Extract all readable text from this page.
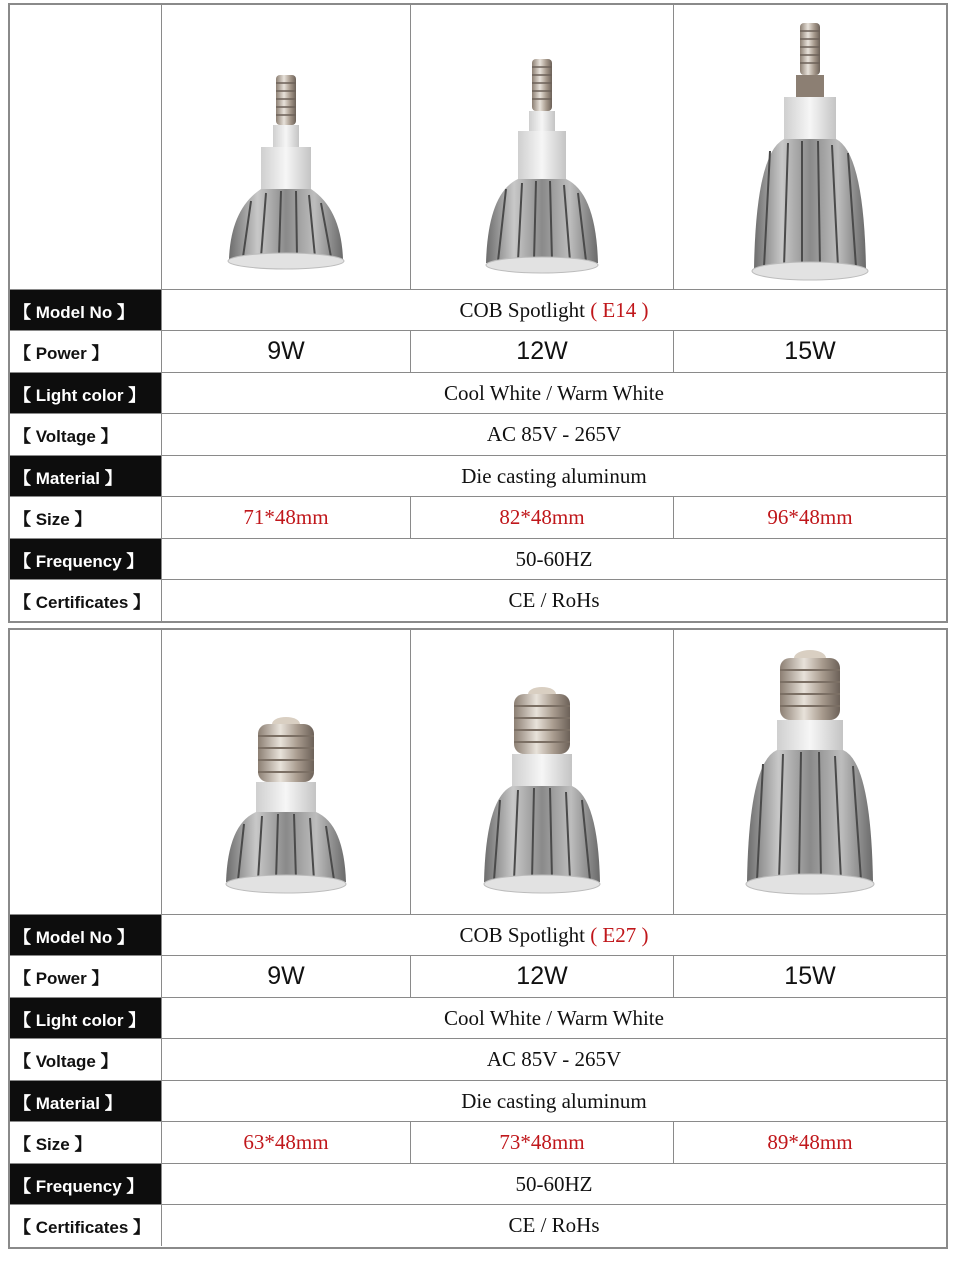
【 Model No 】	COB Spotlight
( E14 )
【 Power 】	9W	12W	15W
【 Light color 】	Cool White / Warm White
【 Voltage 】	AC 85V - 265V
【 Material 】	Die casting aluminum
【 Size 】	71*48mm	82*48mm	96*48mm
【 Frequency 】	50-60HZ
【 Certificates 】	CE / RoHs
【 Model No 】	COB Spotlight
( E27 )
【 Power 】	9W	12W	15W
【 Light color 】	Cool White / Warm White
【 Voltage 】	AC 85V - 265V
【 Material 】	Die casting aluminum
【 Size 】	63*48mm	73*48mm	89*48mm
【 Frequency 】	50-60HZ
【 Certificates 】	CE / RoHs
